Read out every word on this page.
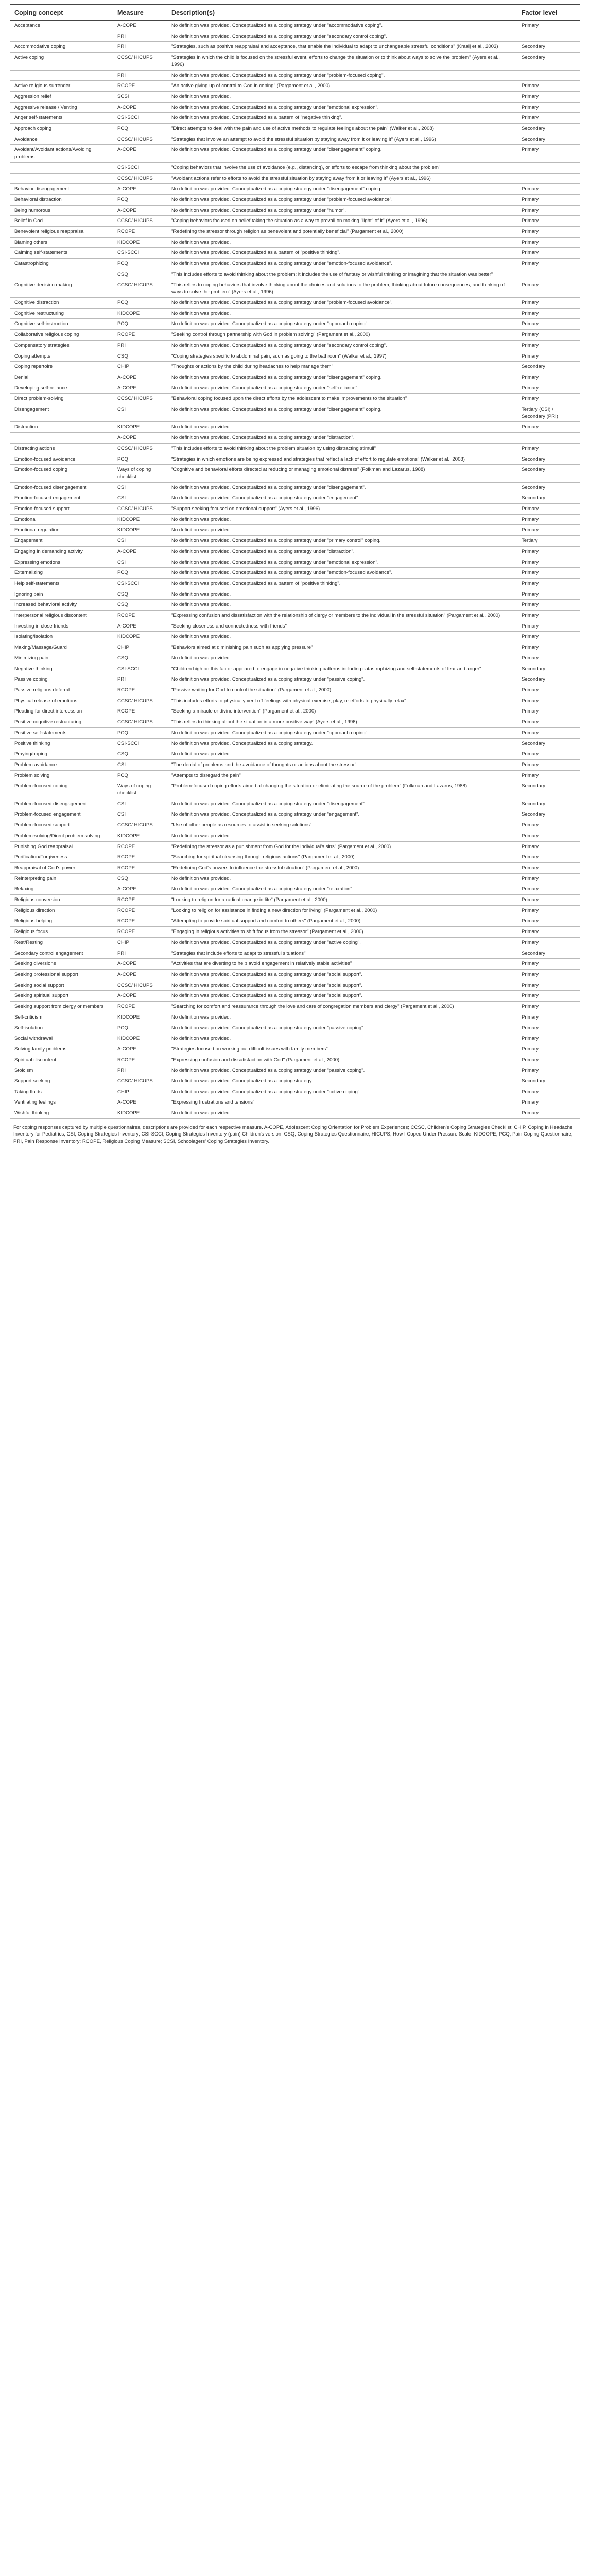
Coping concept	Measure	Description(s)	Factor level
Acceptance	A-COPE	No definition was provided. Conceptualized as a coping strategy under "accommodative coping".	Primary
	PRI	No definition was provided. Conceptualized as a coping strategy under "secondary control coping".	
Accommodative coping	PRI	"Strategies, such as positive reappraisal and acceptance, that enable the individual to adapt to unchangeable stressful conditions" (Kraaij et al., 2003)	Secondary
Active coping	CCSC/ HICUPS	"Strategies in which the child is focused on the stressful event, efforts to change the situation or to think about ways to solve the problem" (Ayers et al., 1996)	Secondary
	PRI	No definition was provided. Conceptualized as a coping strategy under "problem-focused coping".	
Active religious surrender	RCOPE	"An active giving up of control to God in coping" (Pargament et al., 2000)	Primary
Aggression relief	SCSI	No definition was provided.	Primary
Aggressive release / Venting	A-COPE	No definition was provided. Conceptualized as a coping strategy under "emotional expression".	Primary
Anger self-statements	CSI-SCCI	No definition was provided. Conceptualized as a pattern of "negative thinking".	Primary
Approach coping	PCQ	"Direct attempts to deal with the pain and use of active methods to regulate feelings about the pain" (Walker et al., 2008)	Secondary
Avoidance	CCSC/ HICUPS	"Strategies that involve an attempt to avoid the stressful situation by staying away from it or leaving it" (Ayers et al., 1996)	Secondary
Avoidant/Avoidant actions/Avoiding problems	A-COPE	No definition was provided. Conceptualized as a coping strategy under "disengagement" coping.	Primary
	CSI-SCCI	"Coping behaviors that involve the use of avoidance (e.g., distancing), or efforts to escape from thinking about the problem"	
	CCSC/ HICUPS	"Avoidant actions refer to efforts to avoid the stressful situation by staying away from it or leaving it" (Ayers et al., 1996)	
Behavior disengagement	A-COPE	No definition was provided. Conceptualized as a coping strategy under "disengagement" coping.	Primary
Behavioral distraction	PCQ	No definition was provided. Conceptualized as a coping strategy under "problem-focused avoidance".	Primary
Being humorous	A-COPE	No definition was provided. Conceptualized as a coping strategy under "humor".	Primary
Belief in God	CCSC/ HICUPS	"Coping behaviors focused on belief taking the situation as a way to prevail on making "light" of it" (Ayers et al., 1996)	Primary
Benevolent religious reappraisal	RCOPE	"Redefining the stressor through religion as benevolent and potentially beneficial" (Pargament et al., 2000)	Primary
Blaming others	KIDCOPE	No definition was provided.	Primary
Calming self-statements	CSI-SCCI	No definition was provided. Conceptualized as a pattern of "positive thinking".	Primary
Catastrophizing	PCQ	No definition was provided. Conceptualized as a coping strategy under "emotion-focused avoidance".	Primary
	CSQ	"This includes efforts to avoid thinking about the problem; it includes the use of fantasy or wishful thinking or imagining that the situation was better"	
Cognitive decision making	CCSC/ HICUPS	"This refers to coping behaviors that involve thinking about the choices and solutions to the problem; thinking about future consequences, and thinking of ways to solve the problem" (Ayers et al., 1996)	Primary
Cognitive distraction	PCQ	No definition was provided. Conceptualized as a coping strategy under "problem-focused avoidance".	Primary
Cognitive restructuring	KIDCOPE	No definition was provided.	Primary
Cognitive self-instruction	PCQ	No definition was provided. Conceptualized as a coping strategy under "approach coping".	Primary
Collaborative religious coping	RCOPE	"Seeking control through partnership with God in problem solving" (Pargament et al., 2000)	Primary
Compensatory strategies	PRI	No definition was provided. Conceptualized as a coping strategy under "secondary control coping".	Primary
Coping attempts	CSQ	"Coping strategies specific to abdominal pain, such as going to the bathroom" (Walker et al., 1997)	Primary
Coping repertoire	CHIP	"Thoughts or actions by the child during headaches to help manage them"	Secondary
Denial	A-COPE	No definition was provided. Conceptualized as a coping strategy under "disengagement" coping.	Primary
Developing self-reliance	A-COPE	No definition was provided. Conceptualized as a coping strategy under "self-reliance".	Primary
Direct problem-solving	CCSC/ HICUPS	"Behavioral coping focused upon the direct efforts by the adolescent to make improvements to the situation"	Primary
Disengagement	CSI	No definition was provided. Conceptualized as a coping strategy under "disengagement" coping.	Tertiary (CSI) / Secondary (PRI)
Distraction	KIDCOPE	No definition was provided.	Primary
	A-COPE	No definition was provided. Conceptualized as a coping strategy under "distraction".	
Distracting actions	CCSC/ HICUPS	"This includes efforts to avoid thinking about the problem situation by using distracting stimuli"	Primary
Emotion-focused avoidance	PCQ	"Strategies in which emotions are being expressed and strategies that reflect a lack of effort to regulate emotions" (Walker et al., 2008)	Secondary
Emotion-focused coping	Ways of coping checklist	"Cognitive and behavioral efforts directed at reducing or managing emotional distress" (Folkman and Lazarus, 1988)	Secondary
Emotion-focused disengagement	CSI	No definition was provided. Conceptualized as a coping strategy under "disengagement".	Secondary
Emotion-focused engagement	CSI	No definition was provided. Conceptualized as a coping strategy under "engagement".	Secondary
Emotion-focused support	CCSC/ HICUPS	"Support seeking focused on emotional support" (Ayers et al., 1996)	Primary
Emotional	KIDCOPE	No definition was provided.	Primary
Emotional regulation	KIDCOPE	No definition was provided.	Primary
Engagement	CSI	No definition was provided. Conceptualized as a coping strategy under "primary control" coping.	Tertiary
Engaging in demanding activity	A-COPE	No definition was provided. Conceptualized as a coping strategy under "distraction".	Primary
Expressing emotions	CSI	No definition was provided. Conceptualized as a coping strategy under "emotional expression".	Primary
Externalizing	PCQ	No definition was provided. Conceptualized as a coping strategy under "emotion-focused avoidance".	Primary
Help self-statements	CSI-SCCI	No definition was provided. Conceptualized as a pattern of "positive thinking".	Primary
Ignoring pain	CSQ	No definition was provided.	Primary
Increased behavioral activity	CSQ	No definition was provided.	Primary
Interpersonal religious discontent	RCOPE	"Expressing confusion and dissatisfaction with the relationship of clergy or members to the individual in the stressful situation" (Pargament et al., 2000)	Primary
Investing in close friends	A-COPE	"Seeking closeness and connectedness with friends"	Primary
Isolating/Isolation	KIDCOPE	No definition was provided.	Primary
Making/Massage/Guard	CHIP	"Behaviors aimed at diminishing pain such as applying pressure"	Primary
Minimizing pain	CSQ	No definition was provided.	Primary
Negative thinking	CSI-SCCI	"Children high on this factor appeared to engage in negative thinking patterns including catastrophizing and self-statements of fear and anger"	Secondary
Passive coping	PRI	No definition was provided. Conceptualized as a coping strategy under "passive coping".	Secondary
Passive religious deferral	RCOPE	"Passive waiting for God to control the situation" (Pargament et al., 2000)	Primary
Physical release of emotions	CCSC/ HICUPS	"This includes efforts to physically vent off feelings with physical exercise, play, or efforts to physically relax"	Primary
Pleading for direct intercession	RCOPE	"Seeking a miracle or divine intervention" (Pargament et al., 2000)	Primary
Positive cognitive restructuring	CCSC/ HICUPS	"This refers to thinking about the situation in a more positive way" (Ayers et al., 1996)	Primary
Positive self-statements	PCQ	No definition was provided. Conceptualized as a coping strategy under "approach coping".	Primary
Positive thinking	CSI-SCCI	No definition was provided. Conceptualized as a coping strategy.	Secondary
Praying/hoping	CSQ	No definition was provided.	Primary
Problem avoidance	CSI	"The denial of problems and the avoidance of thoughts or actions about the stressor"	Primary
Problem solving	PCQ	"Attempts to disregard the pain"	Primary
Problem-focused coping	Ways of coping checklist	"Problem-focused coping efforts aimed at changing the situation or eliminating the source of the problem" (Folkman and Lazarus, 1988)	Secondary
Problem-focused disengagement	CSI	No definition was provided. Conceptualized as a coping strategy under "disengagement".	Secondary
Problem-focused engagement	CSI	No definition was provided. Conceptualized as a coping strategy under "engagement".	Secondary
Problem-focused support	CCSC/ HICUPS	"Use of other people as resources to assist in seeking solutions"	Primary
Problem-solving/Direct problem solving	KIDCOPE	No definition was provided.	Primary
Punishing God reappraisal	RCOPE	"Redefining the stressor as a punishment from God for the individual's sins" (Pargament et al., 2000)	Primary
Purification/Forgiveness	RCOPE	"Searching for spiritual cleansing through religious actions" (Pargament et al., 2000)	Primary
Reappraisal of God's power	RCOPE	"Redefining God's powers to influence the stressful situation" (Pargament et al., 2000)	Primary
Reinterpreting pain	CSQ	No definition was provided.	Primary
Relaxing	A-COPE	No definition was provided. Conceptualized as a coping strategy under "relaxation".	Primary
Religious conversion	RCOPE	"Looking to religion for a radical change in life" (Pargament et al., 2000)	Primary
Religious direction	RCOPE	"Looking to religion for assistance in finding a new direction for living" (Pargament et al., 2000)	Primary
Religious helping	RCOPE	"Attempting to provide spiritual support and comfort to others" (Pargament et al., 2000)	Primary
Religious focus	RCOPE	"Engaging in religious activities to shift focus from the stressor" (Pargament et al., 2000)	Primary
Rest/Resting	CHIP	No definition was provided. Conceptualized as a coping strategy under "active coping".	Primary
Secondary control engagement	PRI	"Strategies that include efforts to adapt to stressful situations"	Secondary
Seeking diversions	A-COPE	"Activities that are diverting to help avoid engagement in relatively stable activities"	Primary
Seeking professional support	A-COPE	No definition was provided. Conceptualized as a coping strategy under "social support".	Primary
Seeking social support	CCSC/ HICUPS	No definition was provided. Conceptualized as a coping strategy under "social support".	Primary
Seeking spiritual support	A-COPE	No definition was provided. Conceptualized as a coping strategy under "social support".	Primary
Seeking support from clergy or members	RCOPE	"Searching for comfort and reassurance through the love and care of congregation members and clergy" (Pargament et al., 2000)	Primary
Self-criticism	KIDCOPE	No definition was provided.	Primary
Self-isolation	PCQ	No definition was provided. Conceptualized as a coping strategy under "passive coping".	Primary
Social withdrawal	KIDCOPE	No definition was provided.	Primary
Solving family problems	A-COPE	"Strategies focused on working out difficult issues with family members"	Primary
Spiritual discontent	RCOPE	"Expressing confusion and dissatisfaction with God" (Pargament et al., 2000)	Primary
Stoicism	PRI	No definition was provided. Conceptualized as a coping strategy under "passive coping".	Primary
Support seeking	CCSC/ HICUPS	No definition was provided. Conceptualized as a coping strategy.	Secondary
Taking fluids	CHIP	No definition was provided. Conceptualized as a coping strategy under "active coping".	Primary
Ventilating feelings	A-COPE	"Expressing frustrations and tensions"	Primary
Wishful thinking	KIDCOPE	No definition was provided.	Primary
For coping responses captured by multiple questionnaires, descriptions are provided for each respective measure. A-COPE, Adolescent Coping Orientation for Problem Experiences; CCSC, Children's Coping Strategies Checklist; CHIP, Coping in Headache Inventory for Pediatrics; CSI, Coping Strategies Inventory; CSI-SCCI, Coping Strategies Inventory (pain) Children's version; CSQ, Coping Strategies Questionnaire; HICUPS, How I Coped Under Pressure Scale; KIDCOPE; PCQ, Pain Coping Questionnaire; PRI, Pain Response Inventory; RCOPE, Religious Coping Measure; SCSI, Schoolagers' Coping Strategies Inventory.
